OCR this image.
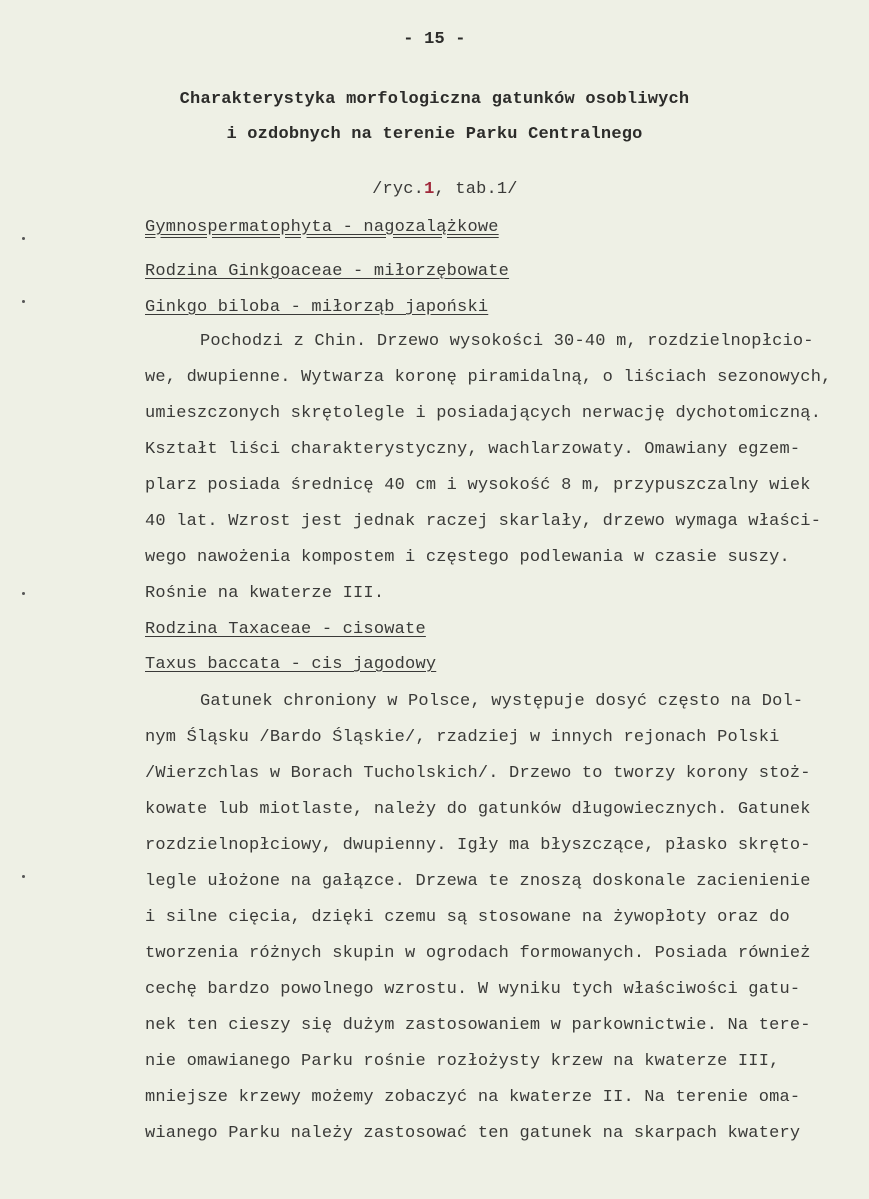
- 15 -
Charakterystyka morfologiczna gatunków osobliwych
i ozdobnych na terenie Parku Centralnego

/ryc.1, tab.1/

Gymnospermatophyta - nagozalążkowe
Rodzina Ginkgoaceae - miłorzębowate
Ginkgo biloba - miłorząb japoński
Pochodzi z Chin. Drzewo wysokości 30-40 m, rozdzielnopłcio-
we, dwupienne. Wytwarza koronę piramidalną, o liściach sezonowych,
umieszczonych skrętolegle i posiadających nerwację dychotomiczną.
Kształt liści charakterystyczny, wachlarzowaty. Omawiany egzem-
plarz posiada średnicę 40 cm i wysokość 8 m, przypuszczalny wiek
40 lat. Wzrost jest jednak raczej skarlały, drzewo wymaga właści-
wego nawożenia kompostem i częstego podlewania w czasie suszy.
Rośnie na kwaterze III.
Rodzina Taxaceae - cisowate
Taxus baccata - cis jagodowy
Gatunek chroniony w Polsce, występuje dosyć często na Dol-
nym Śląsku /Bardo Śląskie/, rzadziej w innych rejonach Polski
/Wierzchlas w Borach Tucholskich/. Drzewo to tworzy korony stoż-
kowate lub miotlaste, należy do gatunków długowiecznych. Gatunek
rozdzielnopłciowy, dwupienny. Igły ma błyszczące, płasko skręto-
legle ułożone na gałązce. Drzewa te znoszą doskonale zacienienie
i silne cięcia, dzięki czemu są stosowane na żywopłoty oraz do
tworzenia różnych skupin w ogrodach formowanych. Posiada również
cechę bardzo powolnego wzrostu. W wyniku tych właściwości gatu-
nek ten cieszy się dużym zastosowaniem w parkownictwie. Na tere-
nie omawianego Parku rośnie rozłożysty krzew na kwaterze III,
mniejsze krzewy możemy zobaczyć na kwaterze II. Na terenie oma-
wianego Parku należy zastosować ten gatunek na skarpach kwatery
